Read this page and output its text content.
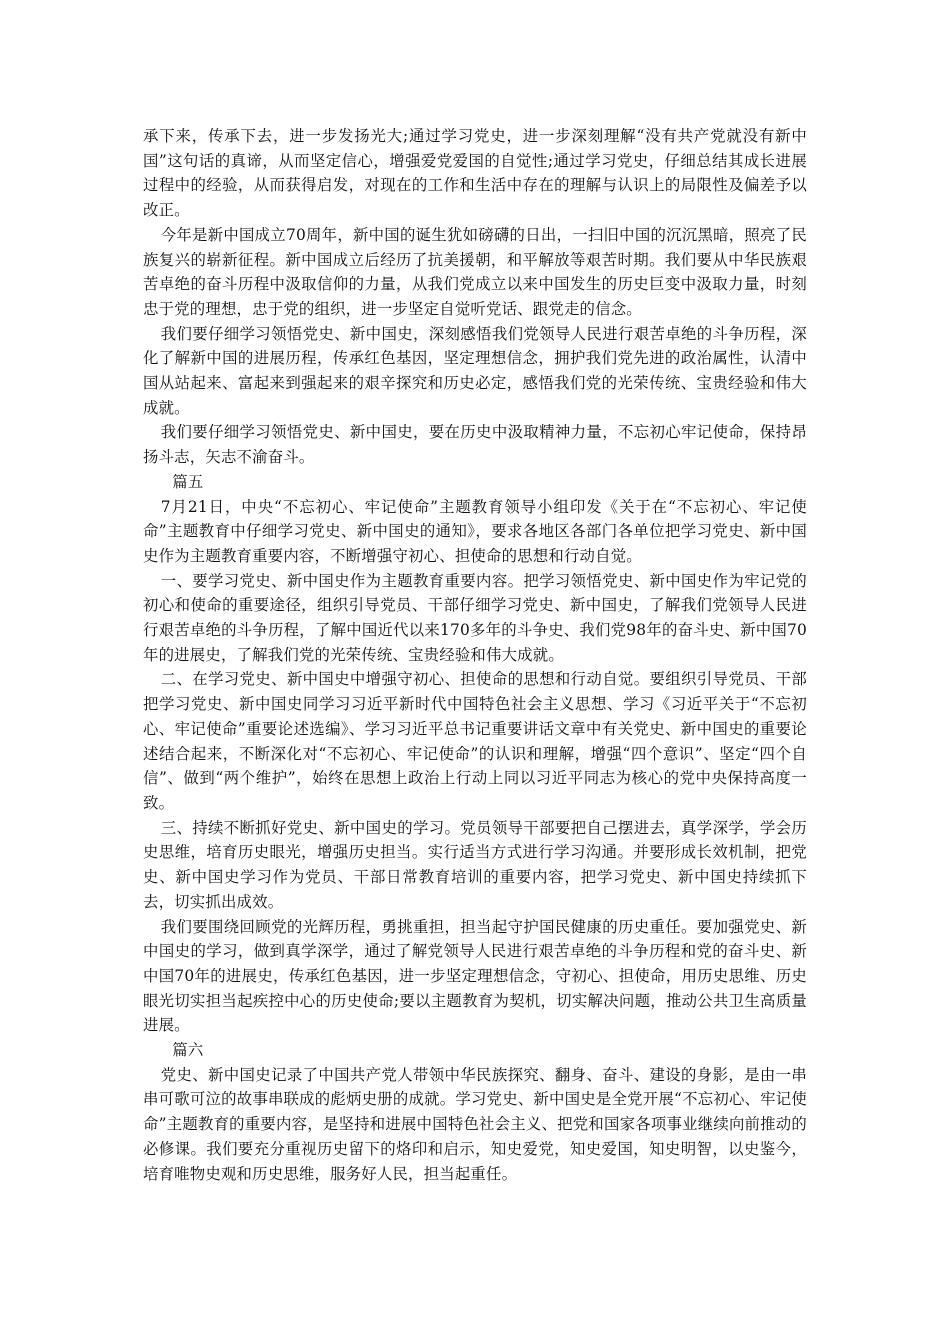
承下来，传承下去，进一步发扬光大;通过学习党史，进一步深刻理解“没有共产党就没有新中国”这句话的真谛，从而坚定信心，增强爱党爱国的自觉性;通过学习党史，仔细总结其成长进展过程中的经验，从而获得启发，对现在的工作和生活中存在的理解与认识上的局限性及偏差予以改正。

今年是新中国成立70周年，新中国的诞生犹如磅礴的日出，一扫旧中国的沉沉黑暗，照亮了民族复兴的崭新征程。新中国成立后经历了抗美援朝，和平解放等艰苦时期。我们要从中华民族艰苦卓绝的奋斗历程中汲取信仰的力量，从我们党成立以来中国发生的历史巨变中汲取力量，时刻忠于党的理想，忠于党的组织，进一步坚定自觉听党话、跟党走的信念。

我们要仔细学习领悟党史、新中国史，深刻感悟我们党领导人民进行艰苦卓绝的斗争历程，深化了解新中国的进展历程，传承红色基因，坚定理想信念，拥护我们党先进的政治属性，认清中国从站起来、富起来到强起来的艰辛探究和历史必定，感悟我们党的光荣传统、宝贵经验和伟大成就。

我们要仔细学习领悟党史、新中国史，要在历史中汲取精神力量，不忘初心牢记使命，保持昂扬斗志，矢志不渝奋斗。

篇五

7月21日，中央“不忘初心、牢记使命”主题教育领导小组印发《关于在“不忘初心、牢记使命”主题教育中仔细学习党史、新中国史的通知》，要求各地区各部门各单位把学习党史、新中国史作为主题教育重要内容，不断增强守初心、担使命的思想和行动自觉。

一、要学习党史、新中国史作为主题教育重要内容。把学习领悟党史、新中国史作为牢记党的初心和使命的重要途径，组织引导党员、干部仔细学习党史、新中国史，了解我们党领导人民进行艰苦卓绝的斗争历程，了解中国近代以来170多年的斗争史、我们党98年的奋斗史、新中国70年的进展史，了解我们党的光荣传统、宝贵经验和伟大成就。

二、在学习党史、新中国史中增强守初心、担使命的思想和行动自觉。要组织引导党员、干部把学习党史、新中国史同学习习近平新时代中国特色社会主义思想、学习《习近平关于“不忘初心、牢记使命”重要论述选编》、学习习近平总书记重要讲话文章中有关党史、新中国史的重要论述结合起来，不断深化对“不忘初心、牢记使命”的认识和理解，增强“四个意识”、坚定“四个自信”、做到“两个维护”，始终在思想上政治上行动上同以习近平同志为核心的党中央保持高度一致。

三、持续不断抓好党史、新中国史的学习。党员领导干部要把自己摆进去，真学深学，学会历史思维，培育历史眼光，增强历史担当。实行适当方式进行学习沟通。并要形成长效机制，把党史、新中国史学习作为党员、干部日常教育培训的重要内容，把学习党史、新中国史持续抓下去，切实抓出成效。

我们要围绕回顾党的光辉历程，勇挑重担，担当起守护国民健康的历史重任。要加强党史、新中国史的学习，做到真学深学，通过了解党领导人民进行艰苦卓绝的斗争历程和党的奋斗史、新中国70年的进展史，传承红色基因，进一步坚定理想信念，守初心、担使命，用历史思维、历史眼光切实担当起疾控中心的历史使命;要以主题教育为契机，切实解决问题，推动公共卫生高质量进展。

篇六

党史、新中国史记录了中国共产党人带领中华民族探究、翻身、奋斗、建设的身影，是由一串串可歌可泣的故事串联成的彪炳史册的成就。学习党史、新中国史是全党开展“不忘初心、牢记使命”主题教育的重要内容，是坚持和进展中国特色社会主义、把党和国家各项事业继续向前推动的必修课。我们要充分重视历史留下的烙印和启示，知史爱党，知史爱国，知史明智，以史鉴今，培育唯物史观和历史思维，服务好人民，担当起重任。
